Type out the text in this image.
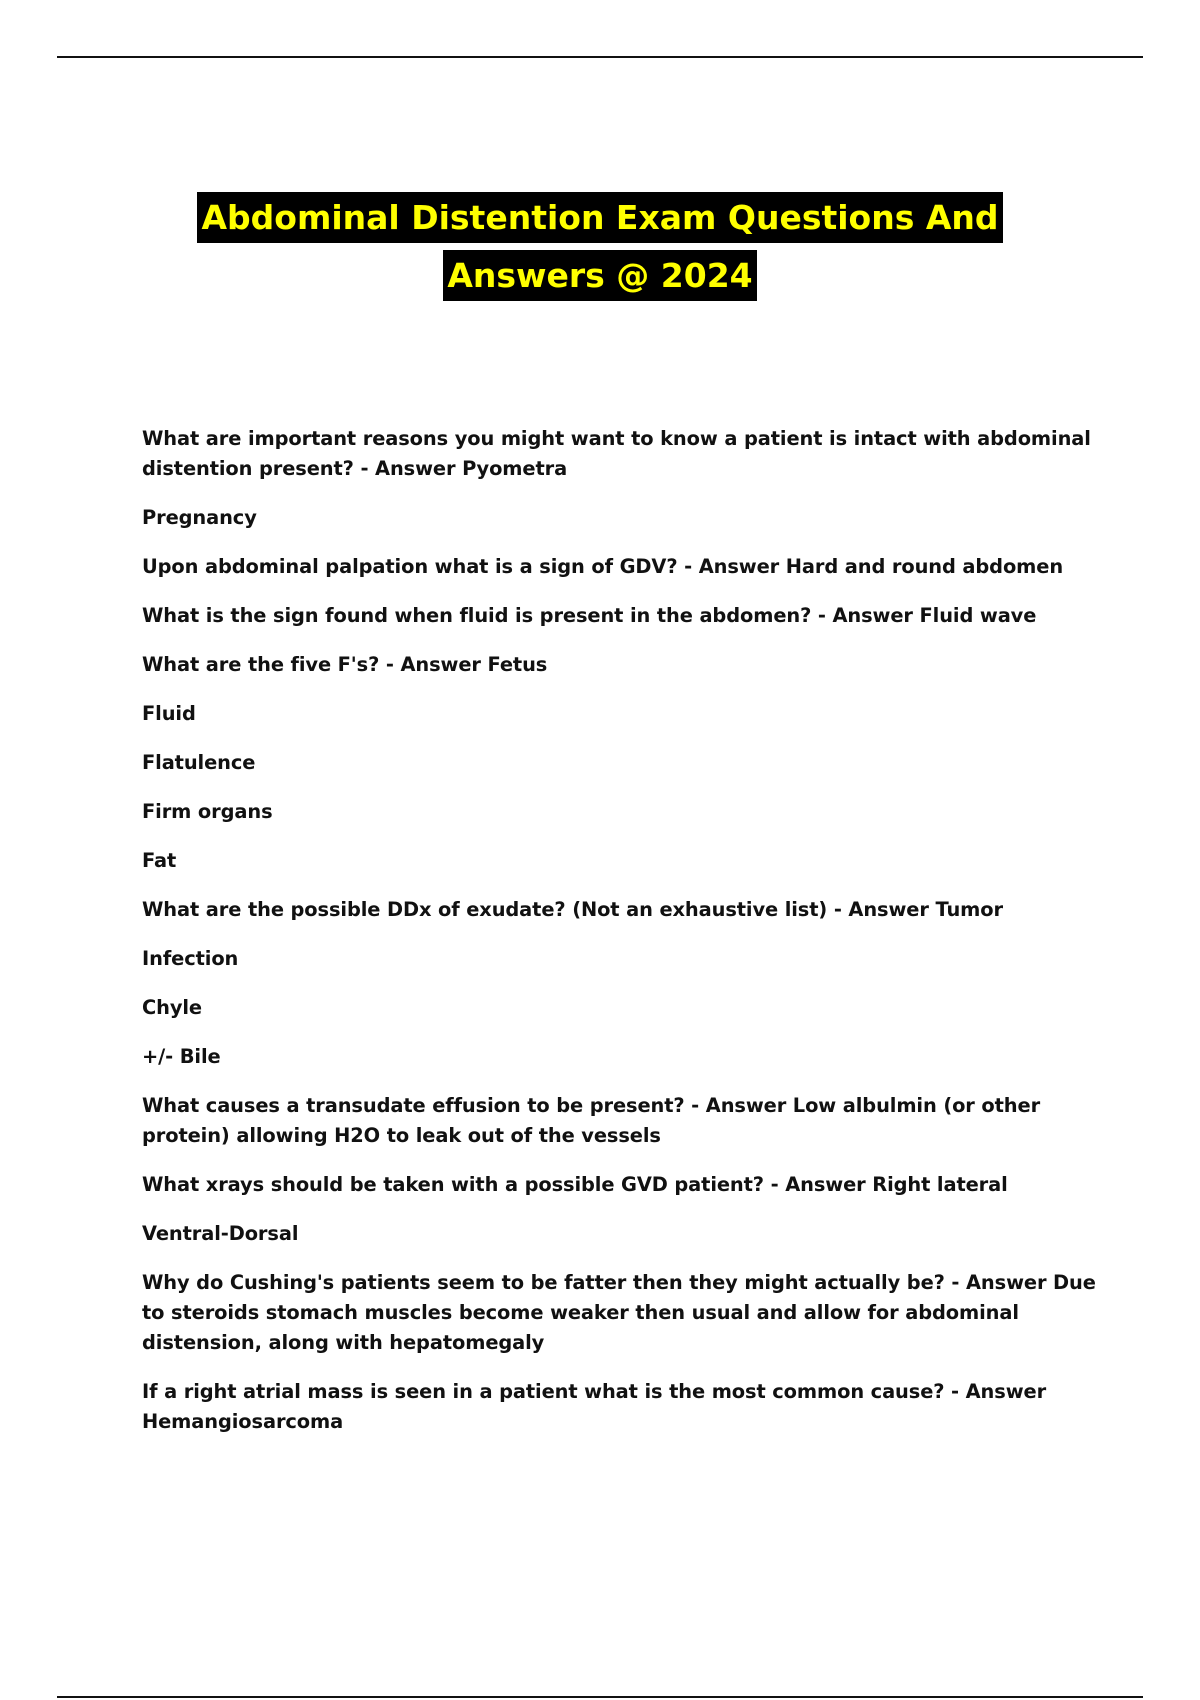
Abdominal Distention Exam Questions And
Answers @ 2024

What are important reasons you might want to know a patient is intact with abdominal distention present? - Answer Pyometra

Pregnancy

Upon abdominal palpation what is a sign of GDV? - Answer Hard and round abdomen

What is the sign found when fluid is present in the abdomen? - Answer Fluid wave

What are the five F's? - Answer Fetus

Fluid

Flatulence

Firm organs

Fat

What are the possible DDx of exudate? (Not an exhaustive list) - Answer Tumor

Infection

Chyle

+/- Bile

What causes a transudate effusion to be present? - Answer Low albulmin (or other protein) allowing H2O to leak out of the vessels

What xrays should be taken with a possible GVD patient? - Answer Right lateral

Ventral-Dorsal

Why do Cushing's patients seem to be fatter then they might actually be? - Answer Due to steroids stomach muscles become weaker then usual and allow for abdominal distension, along with hepatomegaly

If a right atrial mass is seen in a patient what is the most common cause? - Answer Hemangiosarcoma
